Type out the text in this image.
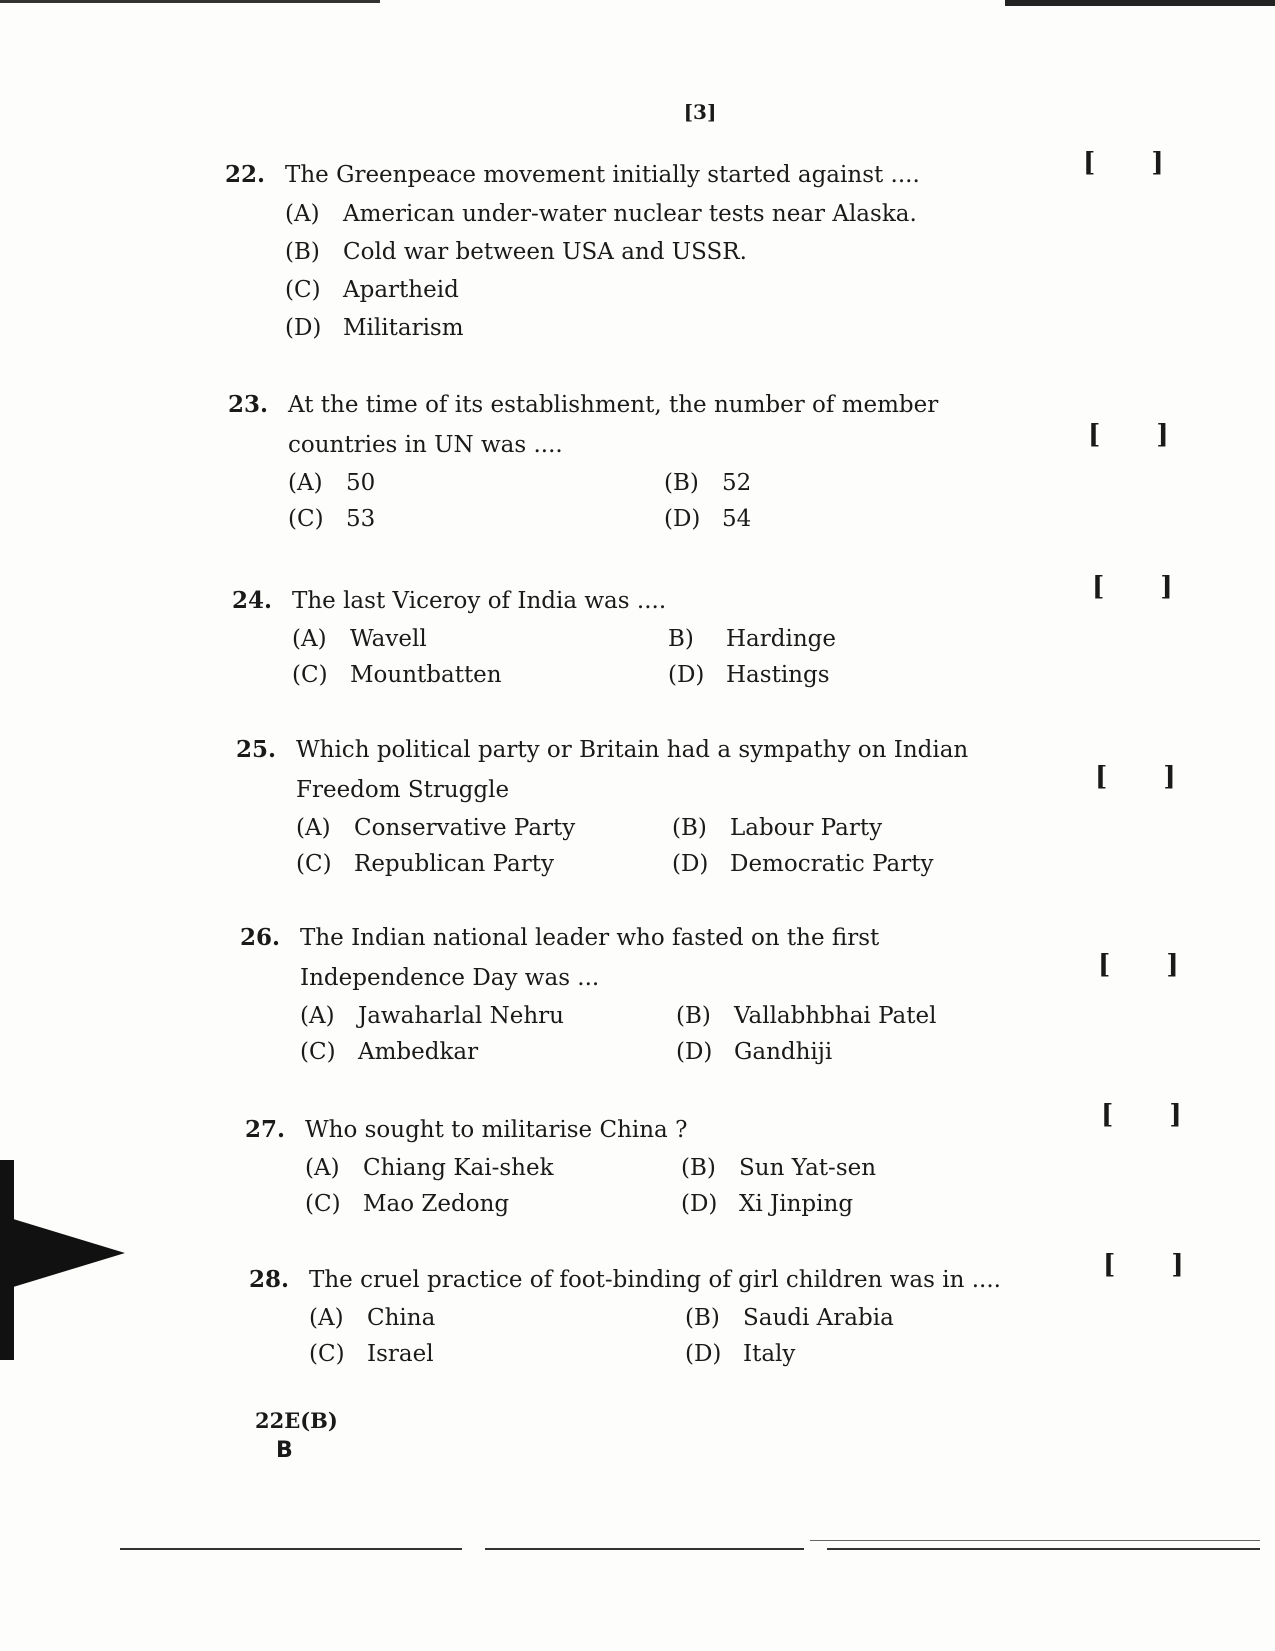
[3]
22. The Greenpeace movement initially started against ....
(A) American under-water nuclear tests near Alaska.
(B) Cold war between USA and USSR.
(C) Apartheid
(D) Militarism
[ ]
23. At the time of its establishment, the number of member
countries in UN was ....
(A) 50	(B) 52
(C) 53	(D) 54
[ ]
24. The last Viceroy of India was ....
(A) Wavell	B) Hardinge
(C) Mountbatten	(D) Hastings
[ ]
25. Which political party or Britain had a sympathy on Indian
Freedom Struggle
(A) Conservative Party	(B) Labour Party
(C) Republican Party	(D) Democratic Party
[ ]
26. The Indian national leader who fasted on the first
Independence Day was ...
(A) Jawaharlal Nehru	(B) Vallabhbhai Patel
(C) Ambedkar	(D) Gandhiji
[ ]
27. Who sought to militarise China ?
(A) Chiang Kai-shek	(B) Sun Yat-sen
(C) Mao Zedong	(D) Xi Jinping
[ ]
28. The cruel practice of foot-binding of girl children was in ....
(A) China	(B) Saudi Arabia
(C) Israel	(D) Italy
[ ]
22E(B)
B
